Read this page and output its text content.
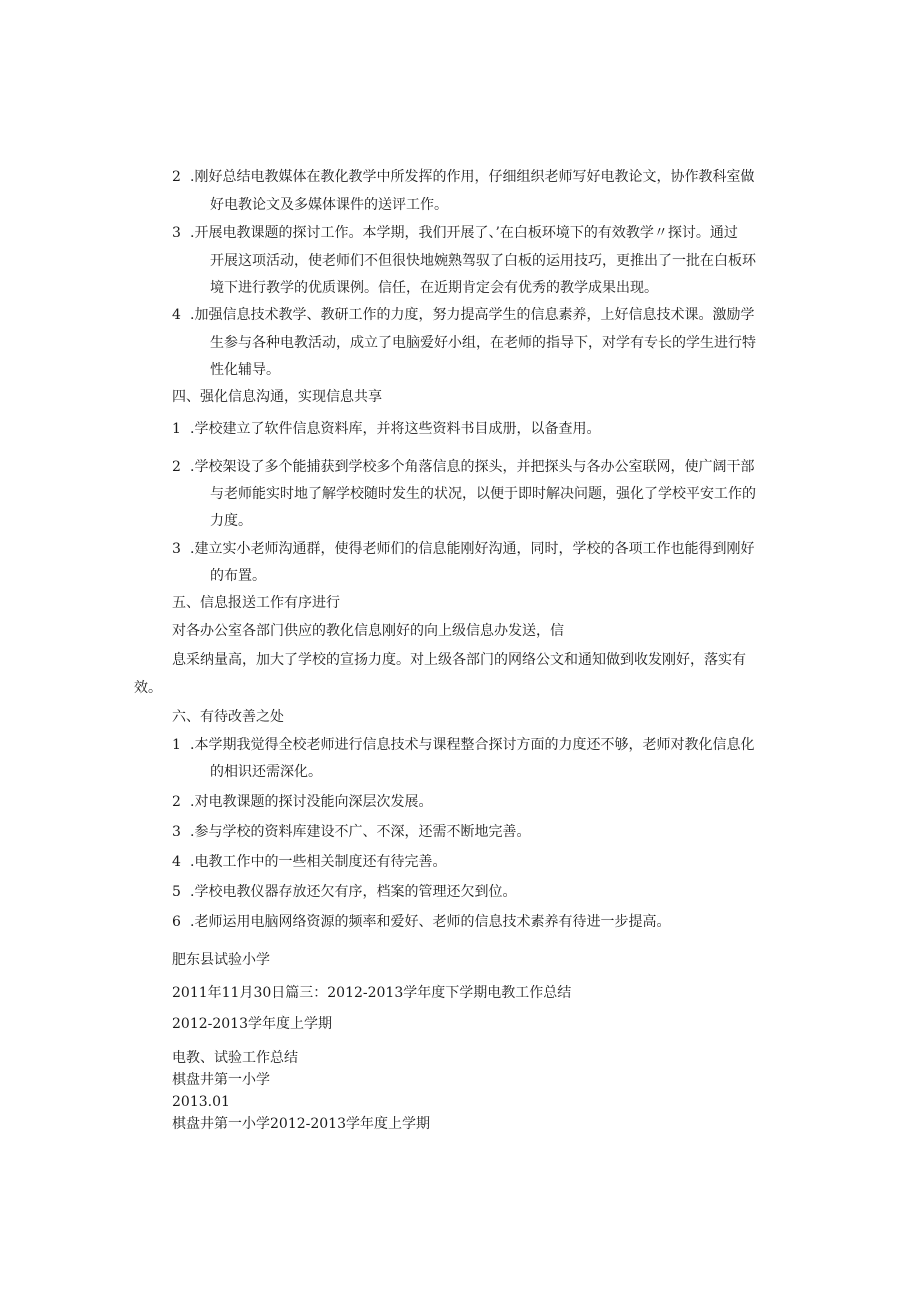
2 .刚好总结电教媒体在教化教学中所发挥的作用，仔细组织老师写好电教论文，协作教科室做
好电教论文及多媒体课件的送评工作。
3 .开展电教课题的探讨工作。本学期，我们开展了、’在白板环境下的有效教学〃探讨。通过
开展这项活动，使老师们不但很快地婉熟驾驭了白板的运用技巧，更推出了一批在白板环
境下进行教学的优质课例。信任，在近期肯定会有优秀的教学成果出现。
4 .加强信息技术教学、教研工作的力度，努力提高学生的信息素养，上好信息技术课。激励学
生参与各种电教活动，成立了电脑爱好小组，在老师的指导下，对学有专长的学生进行特
性化辅导。
四、强化信息沟通，实现信息共享
1 .学校建立了软件信息资料库，并将这些资料书目成册，以备查用。
2 .学校架设了多个能捕获到学校多个角落信息的探头，并把探头与各办公室联网，使广阔干部
与老师能实时地了解学校随时发生的状况，以便于即时解决问题，强化了学校平安工作的
力度。
3 .建立实小老师沟通群，使得老师们的信息能刚好沟通，同时，学校的各项工作也能得到刚好
的布置。
五、信息报送工作有序进行
对各办公室各部门供应的教化信息刚好的向上级信息办发送，信
息采纳量高，加大了学校的宣扬力度。对上级各部门的网络公文和通知做到收发刚好，落实有
效。
六、有待改善之处
1 .本学期我觉得全校老师进行信息技术与课程整合探讨方面的力度还不够，老师对教化信息化
的相识还需深化。
2 .对电教课题的探讨没能向深层次发展。
3 .参与学校的资料库建设不广、不深，还需不断地完善。
4 .电教工作中的一些相关制度还有待完善。
5 .学校电教仪器存放还欠有序，档案的管理还欠到位。
6 .老师运用电脑网络资源的频率和爱好、老师的信息技术素养有待进一步提高。
肥东县试验小学
2011年11月30日篇三：2012-2013学年度下学期电教工作总结
2012-2013学年度上学期
电教、试验工作总结
棋盘井第一小学
2013.01
棋盘井第一小学2012-2013学年度上学期
